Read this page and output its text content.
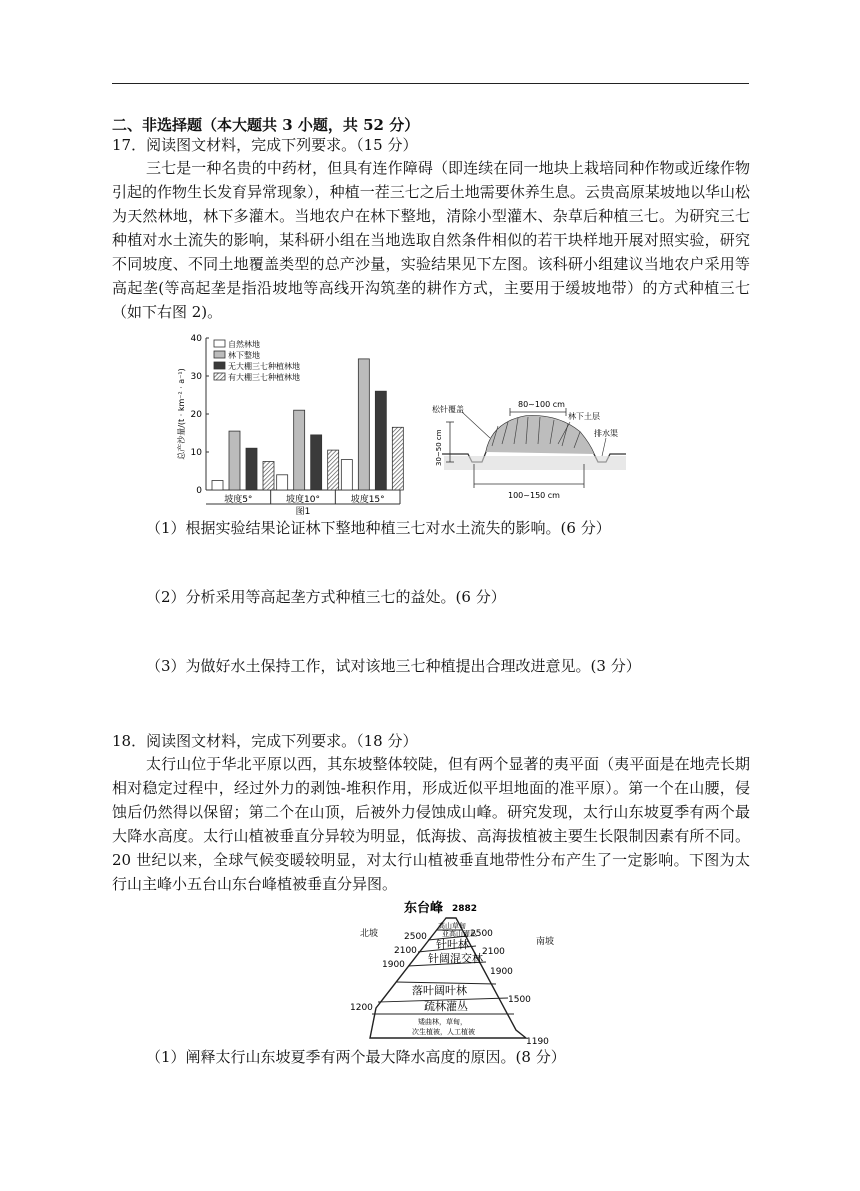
二、非选择题（本大题共 3 小题，共 52 分）
17．阅读图文材料，完成下列要求。（15 分）
三七是一种名贵的中药材，但具有连作障碍（即连续在同一地块上栽培同种作物或近缘作物引起的作物生长发育异常现象），种植一茬三七之后土地需要休养生息。云贵高原某坡地以华山松为天然林地，林下多灌木。当地农户在林下整地，清除小型灌木、杂草后种植三七。为研究三七种植对水土流失的影响，某科研小组在当地选取自然条件相似的若干块样地开展对照实验，研究不同坡度、不同土地覆盖类型的总产沙量，实验结果见下左图。该科研小组建议当地农户采用等高起垄(等高起垄是指沿坡地等高线开沟筑垄的耕作方式，主要用于缓坡地带）的方式种植三七（如下右图 2)。
0
10
20
30
40
总产沙量/(t · km⁻² · a⁻¹)
坡度5°	坡度10°	坡度15°
图1
自然林地
林下整地
无大棚三七种植林地
有大棚三七种植林地
松针覆盖
80~100 cm
林下土层
排水渠
30~50 cm
100~150 cm
（1）根据实验结果论证林下整地种植三七对水土流失的影响。(6 分）
（2）分析采用等高起垄方式种植三七的益处。(6 分）
（3）为做好水土保持工作，试对该地三七种植提出合理改进意见。(3 分）
18．阅读图文材料，完成下列要求。（18 分）
太行山位于华北平原以西，其东坡整体较陡，但有两个显著的夷平面（夷平面是在地壳长期相对稳定过程中，经过外力的剥蚀-堆积作用，形成近似平坦地面的准平原）。第一个在山腰，侵蚀后仍然得以保留；第二个在山顶，后被外力侵蚀成山峰。研究发现，太行山东坡夏季有两个最大降水高度。太行山植被垂直分异较为明显，低海拔、高海拔植被主要生长限制因素有所不同。20 世纪以来，全球气候变暖较明显，对太行山植被垂直地带性分布产生了一定影响。下图为太行山主峰小五台山东台峰植被垂直分异图。
东台峰 2882
北坡
南坡
高山草甸
亚高山灌丛
针叶林
针阔混交林
落叶阔叶林
疏林灌丛
矮曲林，草甸，
次生植被，人工植被
2500
2100
1900
1200
2500
2100
1900
1500
1190
（1）阐释太行山东坡夏季有两个最大降水高度的原因。(8 分）
